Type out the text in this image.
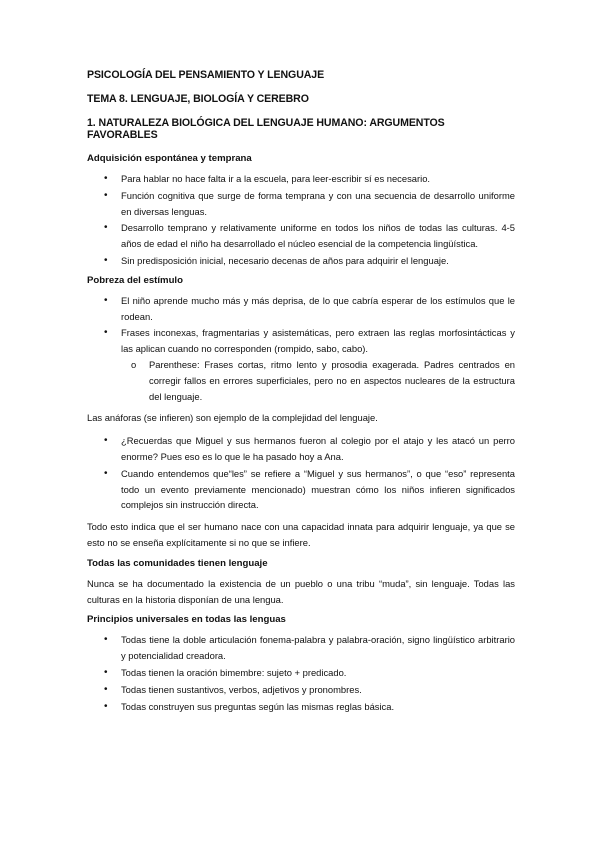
PSICOLOGÍA DEL PENSAMIENTO Y LENGUAJE
TEMA 8. LENGUAJE, BIOLOGÍA Y CEREBRO
1. NATURALEZA BIOLÓGICA DEL LENGUAJE HUMANO: ARGUMENTOS FAVORABLES
Adquisición espontánea y temprana
• Para hablar no hace falta ir a la escuela, para leer-escribir sí es necesario.
• Función cognitiva que surge de forma temprana y con una secuencia de desarrollo uniforme en diversas lenguas.
• Desarrollo temprano y relativamente uniforme en todos los niños de todas las culturas. 4-5 años de edad el niño ha desarrollado el núcleo esencial de la competencia lingüística.
• Sin predisposición inicial, necesario decenas de años para adquirir el lenguaje.
Pobreza del estímulo
• El niño aprende mucho más y más deprisa, de lo que cabría esperar de los estímulos que le rodean.
• Frases inconexas, fragmentarias y asistemáticas, pero extraen las reglas morfosintácticas y las aplican cuando no corresponden (rompido, sabo, cabo).
o Parenthese: Frases cortas, ritmo lento y prosodia exagerada. Padres centrados en corregir fallos en errores superficiales, pero no en aspectos nucleares de la estructura del lenguaje.

Las anáforas (se infieren) son ejemplo de la complejidad del lenguaje.

• ¿Recuerdas que Miguel y sus hermanos fueron al colegio por el atajo y les atacó un perro enorme? Pues eso es lo que le ha pasado hoy a Ana.
• Cuando entendemos que“les” se refiere a “Miguel y sus hermanos”, o que “eso” representa todo un evento previamente mencionado) muestran cómo los niños infieren significados complejos sin instrucción directa.

Todo esto indica que el ser humano nace con una capacidad innata para adquirir lenguaje, ya que se esto no se enseña explícitamente si no que se infiere.

Todas las comunidades tienen lenguaje

Nunca se ha documentado la existencia de un pueblo o una tribu “muda”, sin lenguaje. Todas las culturas en la historia disponían de una lengua.

Principios universales en todas las lenguas
• Todas tiene la doble articulación fonema-palabra y palabra-oración, signo lingüístico arbitrario y potencialidad creadora.
• Todas tienen la oración bimembre: sujeto + predicado.
• Todas tienen sustantivos, verbos, adjetivos y pronombres.
• Todas construyen sus preguntas según las mismas reglas básica.
